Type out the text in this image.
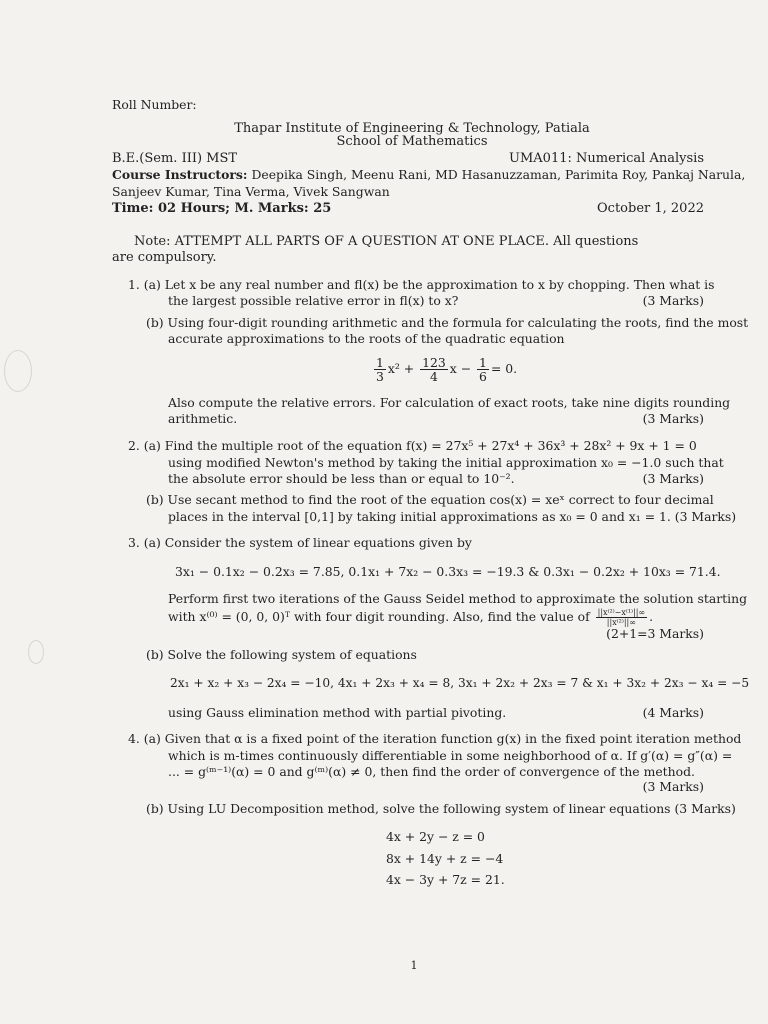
Roll Number:
Thapar Institute of Engineering & Technology, Patiala
School of Mathematics
B.E.(Sem. III) MST	UMA011: Numerical Analysis
Course Instructors: Deepika Singh, Meenu Rani, MD Hasanuzzaman, Parimita Roy, Pankaj Narula,
Sanjeev Kumar, Tina Verma, Vivek Sangwan
Time: 02 Hours; M. Marks: 25	October 1, 2022
Note: ATTEMPT ALL PARTS OF A QUESTION AT ONE PLACE. All questions
are compulsory.
1. (a) Let x be any real number and fl(x) be the approximation to x by chopping. Then what is
the largest possible relative error in fl(x) to x?	(3 Marks)
(b) Using four-digit rounding arithmetic and the formula for calculating the roots, find the most
accurate approximations to the roots of the quadratic equation
$\frac{1}{3} x^2 + \frac{123}{4}$ $x - \frac{1}{6} = 0$.
Also compute the relative errors. For calculation of exact roots, take nine digits rounding
arithmetic.	(3 Marks)
2. (a) Find the multiple root of the equation f(x) = 27x⁵ + 27x⁴ + 36x³ + 28x² + 9x + 1 = 0
using modified Newton's method by taking the initial approximation x₀ = −1.0 such that
the absolute error should be less than or equal to 10⁻².	(3 Marks)
(b) Use secant method to find the root of the equation cos(x) = xeˣ correct to four decimal
places in the interval [0,1] by taking initial approximations as x₀ = 0 and x₁ = 1. (3 Marks)
3. (a) Consider the system of linear equations given by
3x₁ − 0.1x₂ − 0.2x₃ = 7.85, 0.1x₁ + 7x₂ − 0.3x₃ = −19.3 & 0.3x₁ − 0.2x₂ + 10x₃ = 71.4.
Perform first two iterations of the Gauss Seidel method to approximate the solution starting
with x⁽⁰⁾ = (0, 0, 0)ᵀ with four digit rounding. Also, find the value of $\frac{\text{||x⁽²⁾−x⁽¹⁾||∞}}{\text{||x⁽²⁾||∞}}$ .
(2+1=3 Marks)
(b) Solve the following system of equations
2x₁ + x₂ + x₃ − 2x₄ = −10, 4x₁ + 2x₃ + x₄ = 8, 3x₁ + 2x₂ + 2x₃ = 7 & x₁ + 3x₂ + 2x₃ − x₄ = −5
using Gauss elimination method with partial pivoting.	(4 Marks)
4. (a) Given that α is a fixed point of the iteration function g(x) in the fixed point iteration method
which is m-times continuously differentiable in some neighborhood of α. If g′(α) = g″(α) =
... = g⁽ᵐ⁻¹⁾(α) = 0 and g⁽ᵐ⁾(α) ≠ 0, then find the order of convergence of the method.
(3 Marks)
(b) Using LU Decomposition method, solve the following system of linear equations (3 Marks)
4x + 2y − z = 0
8x + 14y + z = −4
4x − 3y + 7z = 21.
1
